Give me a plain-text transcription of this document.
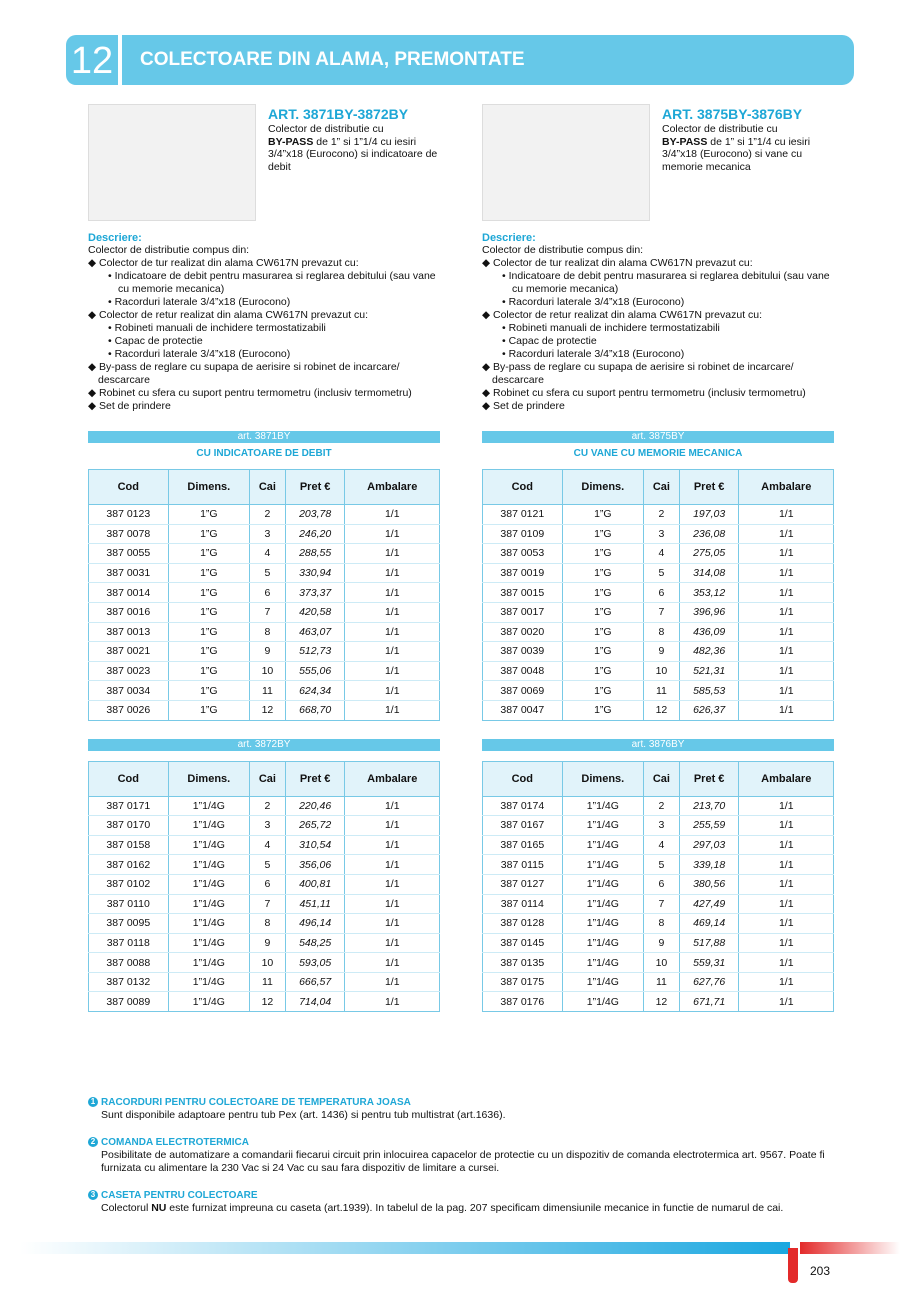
12 COLECTOARE DIN ALAMA, PREMONTATE
ART. 3871BY-3872BY
Colector de distributie cu
BY-PASS de 1” si 1”1/4 cu iesiri 3/4”x18 (Eurocono) si indicatoare de debit
Descriere:

Colector de distributie compus din:

◆ Colector de tur realizat din alama CW617N prevazut cu:

• Indicatoare de debit pentru masurarea si reglarea debitului (sau vane cu memorie mecanica)

• Racorduri laterale 3/4”x18 (Eurocono)

◆ Colector de retur realizat din alama CW617N prevazut cu:

• Robineti manuali de inchidere termostatizabili

• Capac de protectie

• Racorduri laterale 3/4”x18 (Eurocono)

◆ By-pass de reglare cu supapa de aerisire si robinet de incarcare/ descarcare

◆ Robinet cu sfera cu suport pentru termometru (inclusiv termometru)

◆ Set de prindere

art. 3871BY
CU INDICATOARE DE DEBIT
Cod	Dimens.	Cai	Pret €	Ambalare
387 0123	1”G	2	203,78	1/1
387 0078	1”G	3	246,20	1/1
387 0055	1”G	4	288,55	1/1
387 0031	1”G	5	330,94	1/1
387 0014	1”G	6	373,37	1/1
387 0016	1”G	7	420,58	1/1
387 0013	1”G	8	463,07	1/1
387 0021	1”G	9	512,73	1/1
387 0023	1”G	10	555,06	1/1
387 0034	1”G	11	624,34	1/1
387 0026	1”G	12	668,70	1/1
art. 3872BY
Cod	Dimens.	Cai	Pret €	Ambalare
387 0171	1”1/4G	2	220,46	1/1
387 0170	1”1/4G	3	265,72	1/1
387 0158	1”1/4G	4	310,54	1/1
387 0162	1”1/4G	5	356,06	1/1
387 0102	1”1/4G	6	400,81	1/1
387 0110	1”1/4G	7	451,11	1/1
387 0095	1”1/4G	8	496,14	1/1
387 0118	1”1/4G	9	548,25	1/1
387 0088	1”1/4G	10	593,05	1/1
387 0132	1”1/4G	11	666,57	1/1
387 0089	1”1/4G	12	714,04	1/1
ART. 3875BY-3876BY
Colector de distributie cu
BY-PASS de 1” si 1”1/4 cu iesiri 3/4”x18 (Eurocono) si vane cu memorie mecanica
Descriere:

Colector de distributie compus din:

◆ Colector de tur realizat din alama CW617N prevazut cu:

• Indicatoare de debit pentru masurarea si reglarea debitului (sau vane cu memorie mecanica)

• Racorduri laterale 3/4”x18 (Eurocono)

◆ Colector de retur realizat din alama CW617N prevazut cu:

• Robineti manuali de inchidere termostatizabili

• Capac de protectie

• Racorduri laterale 3/4”x18 (Eurocono)

◆ By-pass de reglare cu supapa de aerisire si robinet de incarcare/ descarcare

◆ Robinet cu sfera cu suport pentru termometru (inclusiv termometru)

◆ Set de prindere

art. 3875BY
CU VANE CU MEMORIE MECANICA
Cod	Dimens.	Cai	Pret €	Ambalare
387 0121	1”G	2	197,03	1/1
387 0109	1”G	3	236,08	1/1
387 0053	1”G	4	275,05	1/1
387 0019	1”G	5	314,08	1/1
387 0015	1”G	6	353,12	1/1
387 0017	1”G	7	396,96	1/1
387 0020	1”G	8	436,09	1/1
387 0039	1”G	9	482,36	1/1
387 0048	1”G	10	521,31	1/1
387 0069	1”G	11	585,53	1/1
387 0047	1”G	12	626,37	1/1
art. 3876BY
Cod	Dimens.	Cai	Pret €	Ambalare
387 0174	1”1/4G	2	213,70	1/1
387 0167	1”1/4G	3	255,59	1/1
387 0165	1”1/4G	4	297,03	1/1
387 0115	1”1/4G	5	339,18	1/1
387 0127	1”1/4G	6	380,56	1/1
387 0114	1”1/4G	7	427,49	1/1
387 0128	1”1/4G	8	469,14	1/1
387 0145	1”1/4G	9	517,88	1/1
387 0135	1”1/4G	10	559,31	1/1
387 0175	1”1/4G	11	627,76	1/1
387 0176	1”1/4G	12	671,71	1/1
1 RACORDURI PENTRU COLECTOARE DE TEMPERATURA JOASA
Sunt disponibile adaptoare pentru tub Pex (art. 1436) si pentru tub multistrat (art.1636).
2 COMANDA ELECTROTERMICA
Posibilitate de automatizare a comandarii fiecarui circuit prin inlocuirea capacelor de protectie cu un dispozitiv de comanda electrotermica art. 9567. Poate fi furnizata cu alimentare la 230 Vac si 24 Vac cu sau fara dispozitiv de limitare a cursei.
3 CASETA PENTRU COLECTOARE
Colectorul NU este furnizat impreuna cu caseta (art.1939). In tabelul de la pag. 207 specificam dimensiunile mecanice in functie de numarul de cai.
203
